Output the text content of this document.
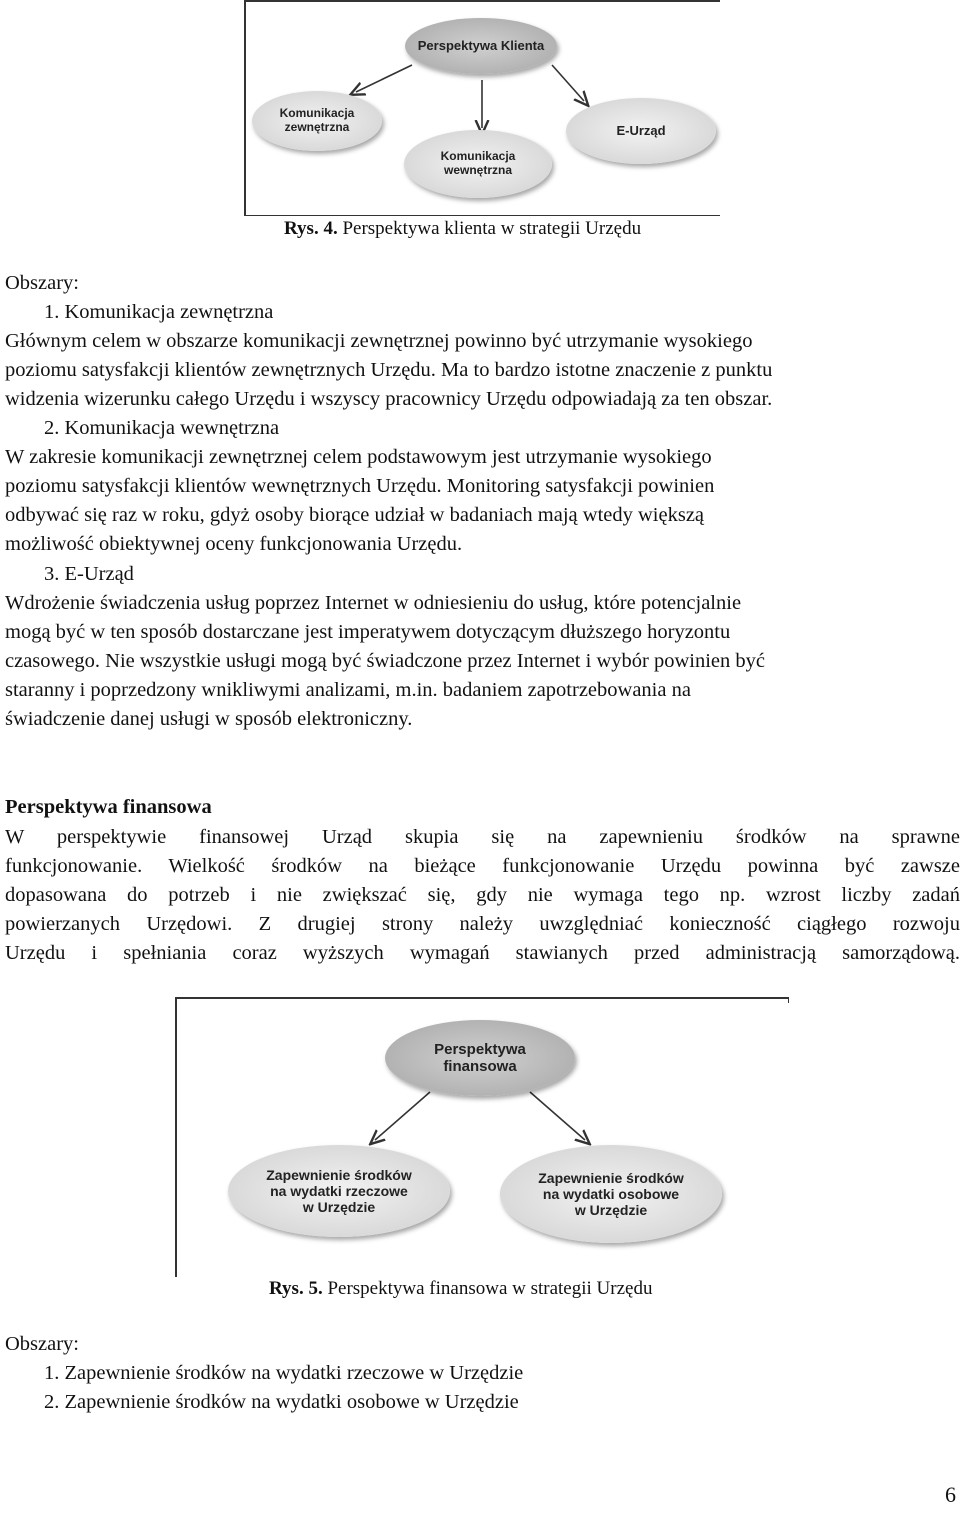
Perspektywa Klienta
Komunikacja
zewnętrzna
Komunikacja
wewnętrzna
E-Urząd
Rys. 4. Perspektywa klienta w strategii Urzędu
Obszary:
1. Komunikacja zewnętrzna
Głównym celem w obszarze komunikacji zewnętrznej powinno być utrzymanie wysokiego
poziomu satysfakcji klientów zewnętrznych Urzędu. Ma to bardzo istotne znaczenie z punktu
widzenia wizerunku całego Urzędu i wszyscy pracownicy Urzędu odpowiadają za ten obszar.
2. Komunikacja wewnętrzna
W zakresie komunikacji zewnętrznej celem podstawowym jest utrzymanie wysokiego
poziomu satysfakcji klientów wewnętrznych Urzędu. Monitoring satysfakcji powinien
odbywać się raz w roku, gdyż osoby biorące udział w badaniach mają wtedy większą
możliwość obiektywnej oceny funkcjonowania Urzędu.
3. E-Urząd
Wdrożenie świadczenia usług poprzez Internet w odniesieniu do usług, które potencjalnie
mogą być w ten sposób dostarczane jest imperatywem dotyczącym dłuższego horyzontu
czasowego. Nie wszystkie usługi mogą być świadczone przez Internet i wybór powinien być
staranny i poprzedzony wnikliwymi analizami, m.in. badaniem zapotrzebowania na
świadczenie danej usługi w sposób elektroniczny.
Perspektywa finansowa
W perspektywie finansowej Urząd skupia się na zapewnieniu środków na sprawne
funkcjonowanie. Wielkość środków na bieżące funkcjonowanie Urzędu powinna być zawsze
dopasowana do potrzeb i nie zwiększać się, gdy nie wymaga tego np. wzrost liczby zadań
powierzanych Urzędowi. Z drugiej strony należy uwzględniać konieczność ciągłego rozwoju
Urzędu i spełniania coraz wyższych wymagań stawianych przed administracją samorządową.
Perspektywa
finansowa
Zapewnienie środków
na wydatki rzeczowe
w Urzędzie
Zapewnienie środków
na wydatki osobowe
w Urzędzie
Rys. 5. Perspektywa finansowa w strategii Urzędu
Obszary:
1. Zapewnienie środków na wydatki rzeczowe w Urzędzie
2. Zapewnienie środków na wydatki osobowe w Urzędzie
6
